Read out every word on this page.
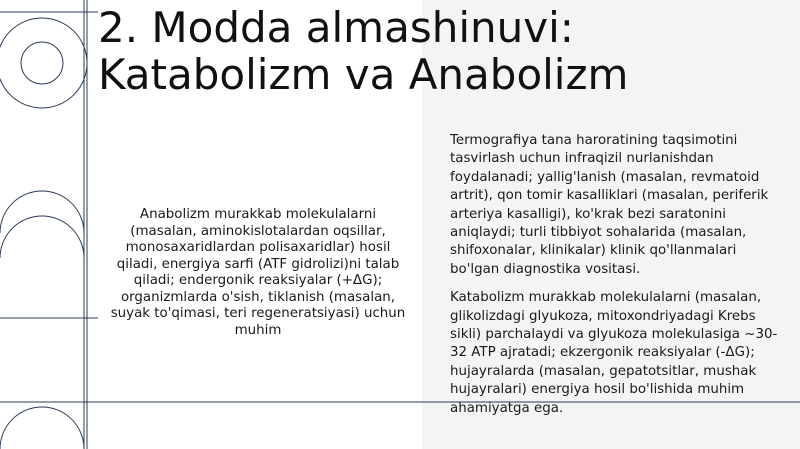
2. Modda almashinuvi:
Katabolizm va Anabolizm
Anabolizm murakkab molekulalarni (masalan, aminokislotalardan oqsillar, monosaxaridlardan polisaxaridlar) hosil qiladi, energiya sarfi (ATF gidrolizi)ni talab qiladi; endergonik reaksiyalar (+ΔG); organizmlarda o'sish, tiklanish (masalan, suyak to'qimasi, teri regeneratsiyasi) uchun muhim

Termografiya tana haroratining taqsimotini tasvirlash uchun infraqizil nurlanishdan foydalanadi; yallig'lanish (masalan, revmatoid artrit), qon tomir kasalliklari (masalan, periferik arteriya kasalligi), ko'krak bezi saratonini aniqlaydi; turli tibbiyot sohalarida (masalan, shifoxonalar, klinikalar) klinik qo'llanmalari bo'lgan diagnostika vositasi.

Katabolizm murakkab molekulalarni (masalan, glikolizdagi glyukoza, mitoxondriyadagi Krebs sikli) parchalaydi va glyukoza molekulasiga ~30-32 ATP ajratadi; ekzergonik reaksiyalar (-ΔG); hujayralarda (masalan, gepatotsitlar, mushak hujayralari) energiya hosil bo'lishida muhim ahamiyatga ega.
